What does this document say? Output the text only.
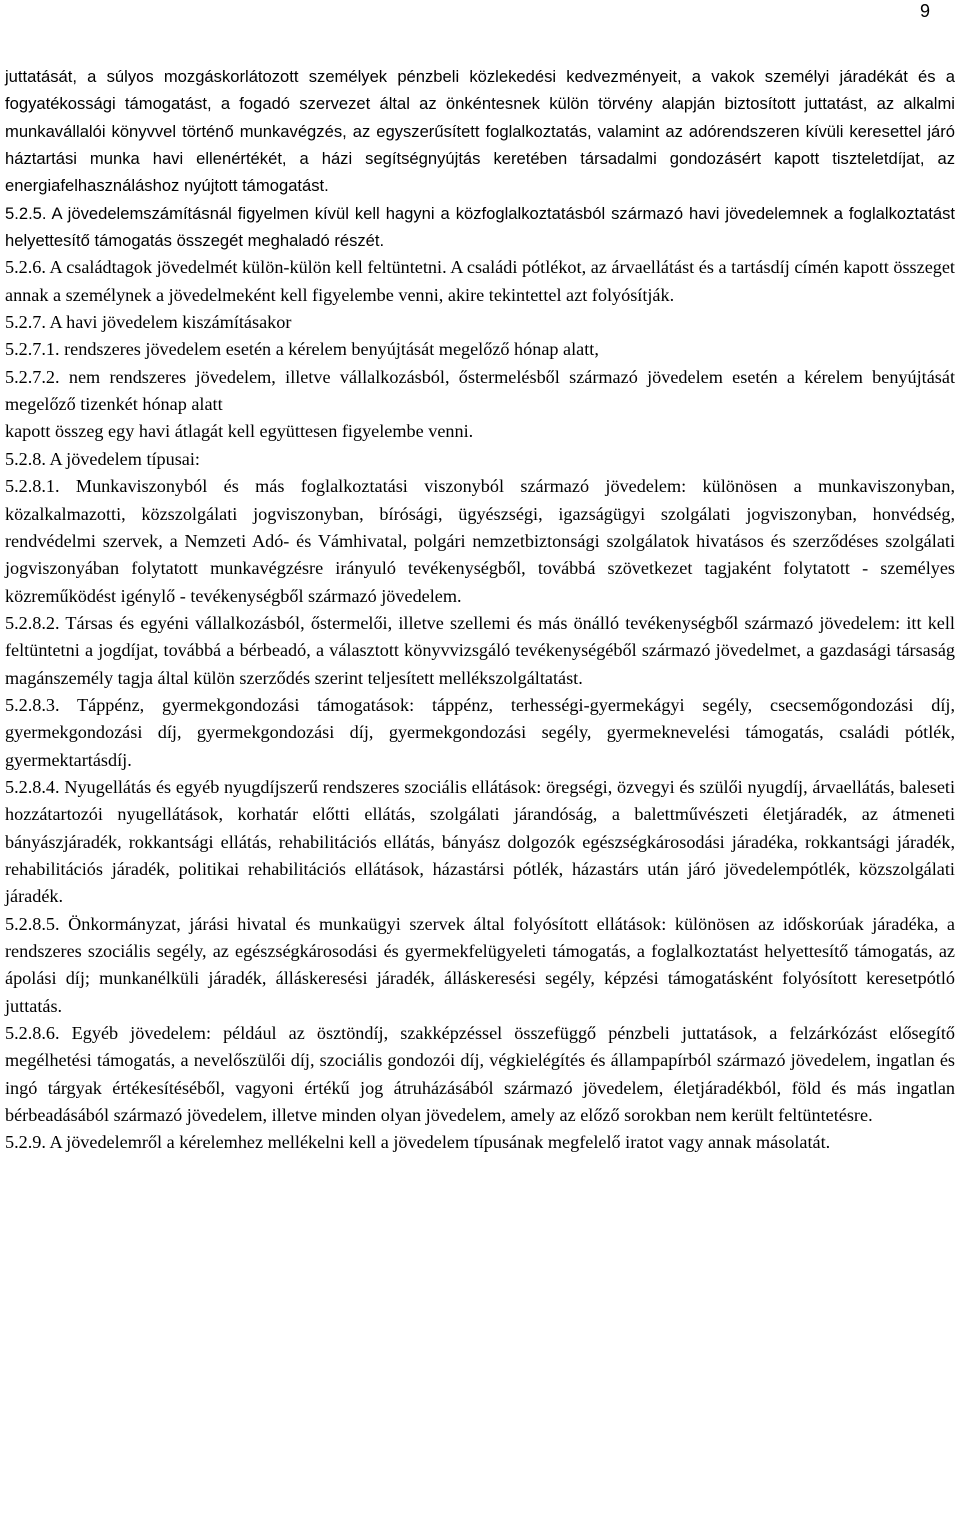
9

juttatását, a súlyos mozgáskorlátozott személyek pénzbeli közlekedési kedvezményeit, a vakok személyi járadékát és a fogyatékossági támogatást, a fogadó szervezet által az önkéntesnek külön törvény alapján biztosított juttatást, az alkalmi munkavállalói könyvvel történő munkavégzés, az egyszerűsített foglalkoztatás, valamint az adórendszeren kívüli keresettel járó háztartási munka havi ellenértékét, a házi segítségnyújtás keretében társadalmi gondozásért kapott tiszteletdíjat, az energiafelhasználáshoz nyújtott támogatást.

5.2.5. A jövedelemszámításnál figyelmen kívül kell hagyni a közfoglalkoztatásból származó havi jövedelemnek a foglalkoztatást helyettesítő támogatás összegét meghaladó részét.

5.2.6. A családtagok jövedelmét külön-külön kell feltüntetni. A családi pótlékot, az árvaellátást és a tartásdíj címén kapott összeget annak a személynek a jövedelmeként kell figyelembe venni, akire tekintettel azt folyósítják.

5.2.7. A havi jövedelem kiszámításakor

5.2.7.1. rendszeres jövedelem esetén a kérelem benyújtását megelőző hónap alatt,

5.2.7.2. nem rendszeres jövedelem, illetve vállalkozásból, őstermelésből származó jövedelem esetén a kérelem benyújtását megelőző tizenkét hónap alatt

kapott összeg egy havi átlagát kell együttesen figyelembe venni.

5.2.8. A jövedelem típusai:

5.2.8.1. Munkaviszonyból és más foglalkoztatási viszonyból származó jövedelem: különösen a munkaviszonyban, közalkalmazotti, közszolgálati jogviszonyban, bírósági, ügyészségi, igazságügyi szolgálati jogviszonyban, honvédség, rendvédelmi szervek, a Nemzeti Adó- és Vámhivatal, polgári nemzetbiztonsági szolgálatok hivatásos és szerződéses szolgálati jogviszonyában folytatott munkavégzésre irányuló tevékenységből, továbbá szövetkezet tagjaként folytatott - személyes közreműködést igénylő - tevékenységből származó jövedelem.

5.2.8.2. Társas és egyéni vállalkozásból, őstermelői, illetve szellemi és más önálló tevékenységből származó jövedelem: itt kell feltüntetni a jogdíjat, továbbá a bérbeadó, a választott könyvvizsgáló tevékenységéből származó jövedelmet, a gazdasági társaság magánszemély tagja által külön szerződés szerint teljesített mellékszolgáltatást.

5.2.8.3. Táppénz, gyermekgondozási támogatások: táppénz, terhességi-gyermekágyi segély, csecsemőgondozási díj, gyermekgondozási díj, gyermekgondozási díj, gyermekgondozási segély, gyermeknevelési támogatás, családi pótlék, gyermektartásdíj.

5.2.8.4. Nyugellátás és egyéb nyugdíjszerű rendszeres szociális ellátások: öregségi, özvegyi és szülői nyugdíj, árvaellátás, baleseti hozzátartozói nyugellátások, korhatár előtti ellátás, szolgálati járandóság, a balettművészeti életjáradék, az átmeneti bányászjáradék, rokkantsági ellátás, rehabilitációs ellátás, bányász dolgozók egészségkárosodási járadéka, rokkantsági járadék, rehabilitációs járadék, politikai rehabilitációs ellátások, házastársi pótlék, házastárs után járó jövedelempótlék, közszolgálati járadék.

5.2.8.5. Önkormányzat, járási hivatal és munkaügyi szervek által folyósított ellátások: különösen az időskorúak járadéka, a rendszeres szociális segély, az egészségkárosodási és gyermekfelügyeleti támogatás, a foglalkoztatást helyettesítő támogatás, az ápolási díj; munkanélküli járadék, álláskeresési járadék, álláskeresési segély, képzési támogatásként folyósított keresetpótló juttatás.

5.2.8.6. Egyéb jövedelem: például az ösztöndíj, szakképzéssel összefüggő pénzbeli juttatások, a felzárkózást elősegítő megélhetési támogatás, a nevelőszülői díj, szociális gondozói díj, végkielégítés és állampapírból származó jövedelem, ingatlan és ingó tárgyak értékesítéséből, vagyoni értékű jog átruházásából származó jövedelem, életjáradékból, föld és más ingatlan bérbeadásából származó jövedelem, illetve minden olyan jövedelem, amely az előző sorokban nem került feltüntetésre.

5.2.9. A jövedelemről a kérelemhez mellékelni kell a jövedelem típusának megfelelő iratot vagy annak másolatát.
